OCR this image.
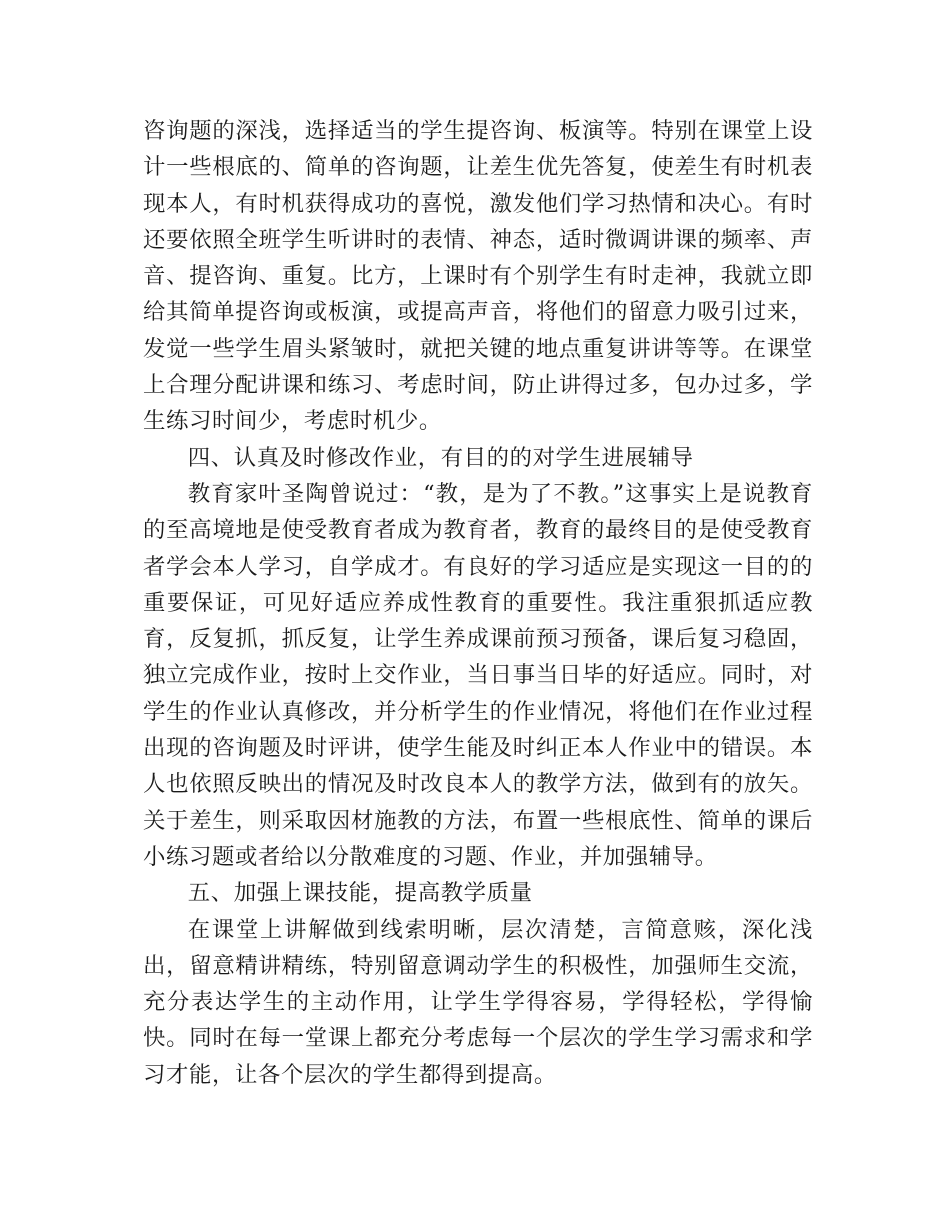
咨询题的深浅，选择适当的学生提咨询、板演等。特别在课堂上设计一些根底的、简单的咨询题，让差生优先答复，使差生有时机表现本人，有时机获得成功的喜悦，激发他们学习热情和决心。有时还要依照全班学生听讲时的表情、神态，适时微调讲课的频率、声音、提咨询、重复。比方，上课时有个别学生有时走神，我就立即给其简单提咨询或板演，或提高声音，将他们的留意力吸引过来，发觉一些学生眉头紧皱时，就把关键的地点重复讲讲等等。在课堂上合理分配讲课和练习、考虑时间，防止讲得过多，包办过多，学生练习时间少，考虑时机少。

四、认真及时修改作业，有目的的对学生进展辅导

教育家叶圣陶曾说过：“教，是为了不教。”这事实上是说教育的至高境地是使受教育者成为教育者，教育的最终目的是使受教育者学会本人学习，自学成才。有良好的学习适应是实现这一目的的重要保证，可见好适应养成性教育的重要性。我注重狠抓适应教育，反复抓，抓反复，让学生养成课前预习预备，课后复习稳固，独立完成作业，按时上交作业，当日事当日毕的好适应。同时，对学生的作业认真修改，并分析学生的作业情况，将他们在作业过程出现的咨询题及时评讲，使学生能及时纠正本人作业中的错误。本人也依照反映出的情况及时改良本人的教学方法，做到有的放矢。关于差生，则采取因材施教的方法，布置一些根底性、简单的课后小练习题或者给以分散难度的习题、作业，并加强辅导。

五、加强上课技能，提高教学质量

在课堂上讲解做到线索明晰，层次清楚，言简意赅，深化浅出，留意精讲精练，特别留意调动学生的积极性，加强师生交流，充分表达学生的主动作用，让学生学得容易，学得轻松，学得愉快。同时在每一堂课上都充分考虑每一个层次的学生学习需求和学习才能，让各个层次的学生都得到提高。
